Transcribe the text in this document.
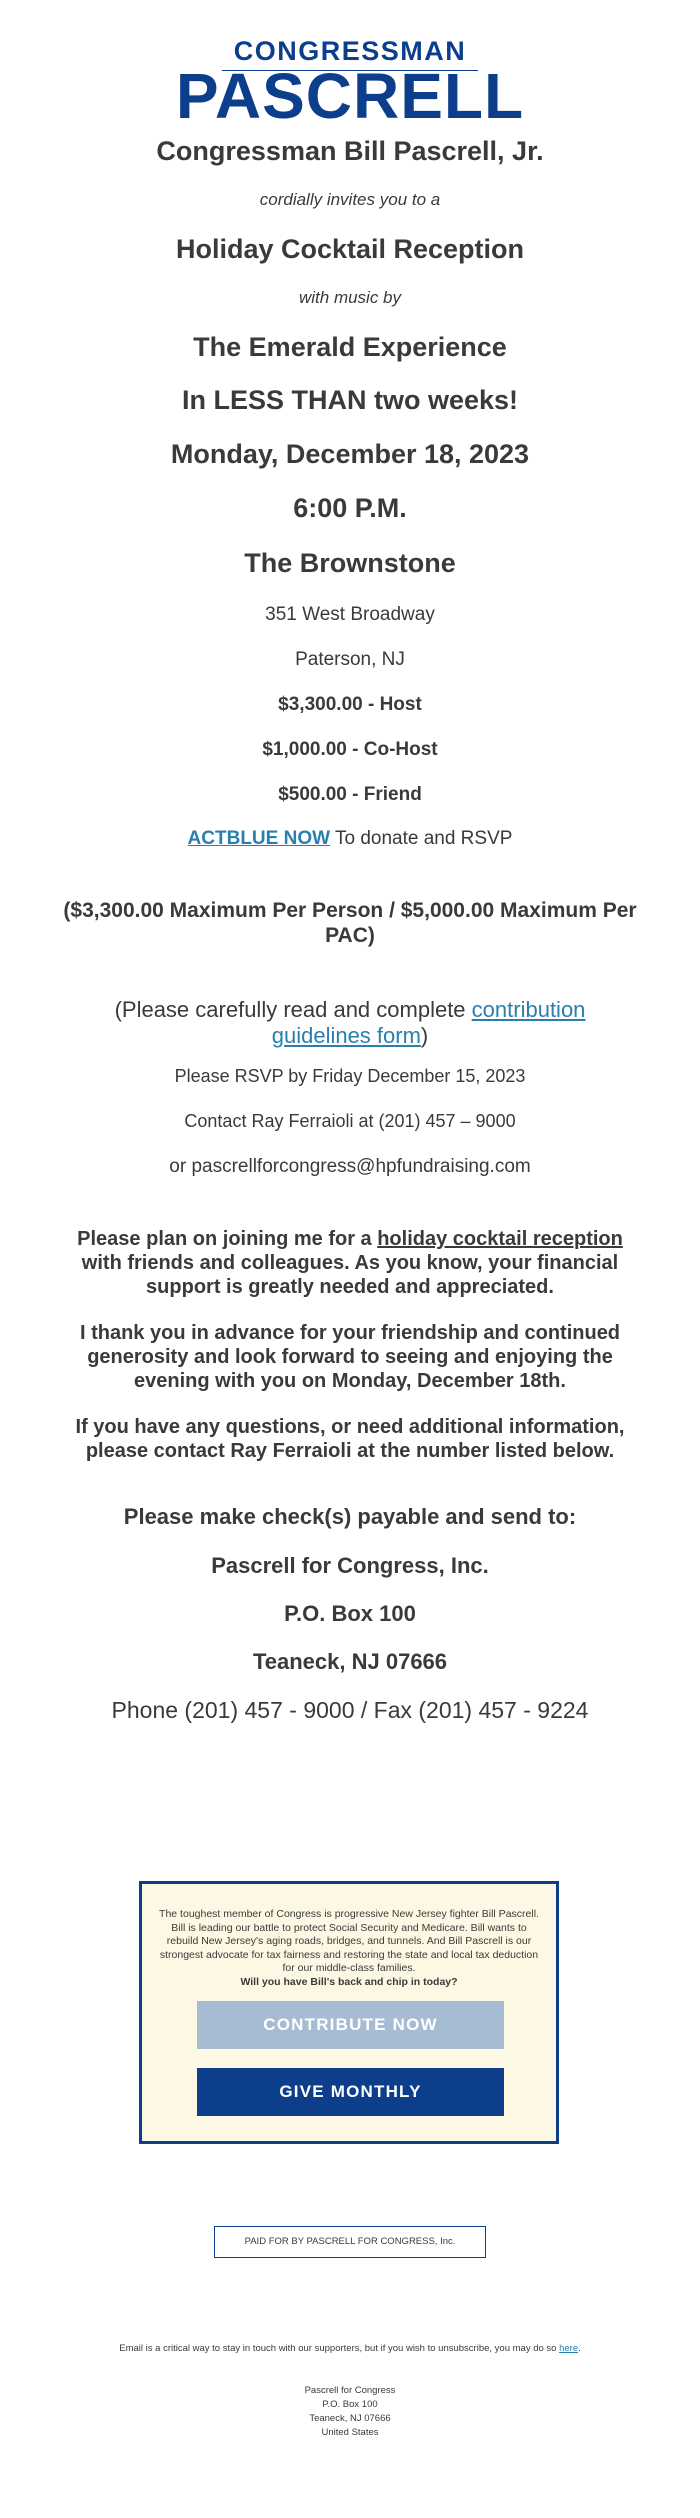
CONGRESSMAN
PASCRELL
Congressman Bill Pascrell, Jr.
cordially invites you to a
Holiday Cocktail Reception
with music by
The Emerald Experience
In LESS THAN two weeks!
Monday, December 18, 2023
6:00 P.M.
The Brownstone
351 West Broadway
Paterson, NJ
$3,300.00 - Host
$1,000.00 - Co-Host
$500.00 - Friend
ACTBLUE NOW To donate and RSVP
($3,300.00 Maximum Per Person / $5,000.00 Maximum Per PAC)
(Please carefully read and complete contribution guidelines form)
Please RSVP by Friday December 15, 2023
Contact Ray Ferraioli at (201) 457 – 9000
or pascrellforcongress@hpfundraising.com
Please plan on joining me for a holiday cocktail reception with friends and colleagues. As you know, your financial support is greatly needed and appreciated.
I thank you in advance for your friendship and continued generosity and look forward to seeing and enjoying the evening with you on Monday, December 18th.
If you have any questions, or need additional information, please contact Ray Ferraioli at the number listed below.
Please make check(s) payable and send to:
Pascrell for Congress, Inc.
P.O. Box 100
Teaneck, NJ 07666
Phone (201) 457 - 9000 / Fax (201) 457 - 9224
The toughest member of Congress is progressive New Jersey fighter Bill Pascrell. Bill is leading our battle to protect Social Security and Medicare. Bill wants to rebuild New Jersey's aging roads, bridges, and tunnels. And Bill Pascrell is our strongest advocate for tax fairness and restoring the state and local tax deduction for our middle-class families.
Will you have Bill's back and chip in today?
CONTRIBUTE NOW
GIVE MONTHLY
PAID FOR BY PASCRELL FOR CONGRESS, Inc.
Email is a critical way to stay in touch with our supporters, but if you wish to unsubscribe, you may do so here.
Pascrell for Congress
P.O. Box 100
Teaneck, NJ 07666
United States
